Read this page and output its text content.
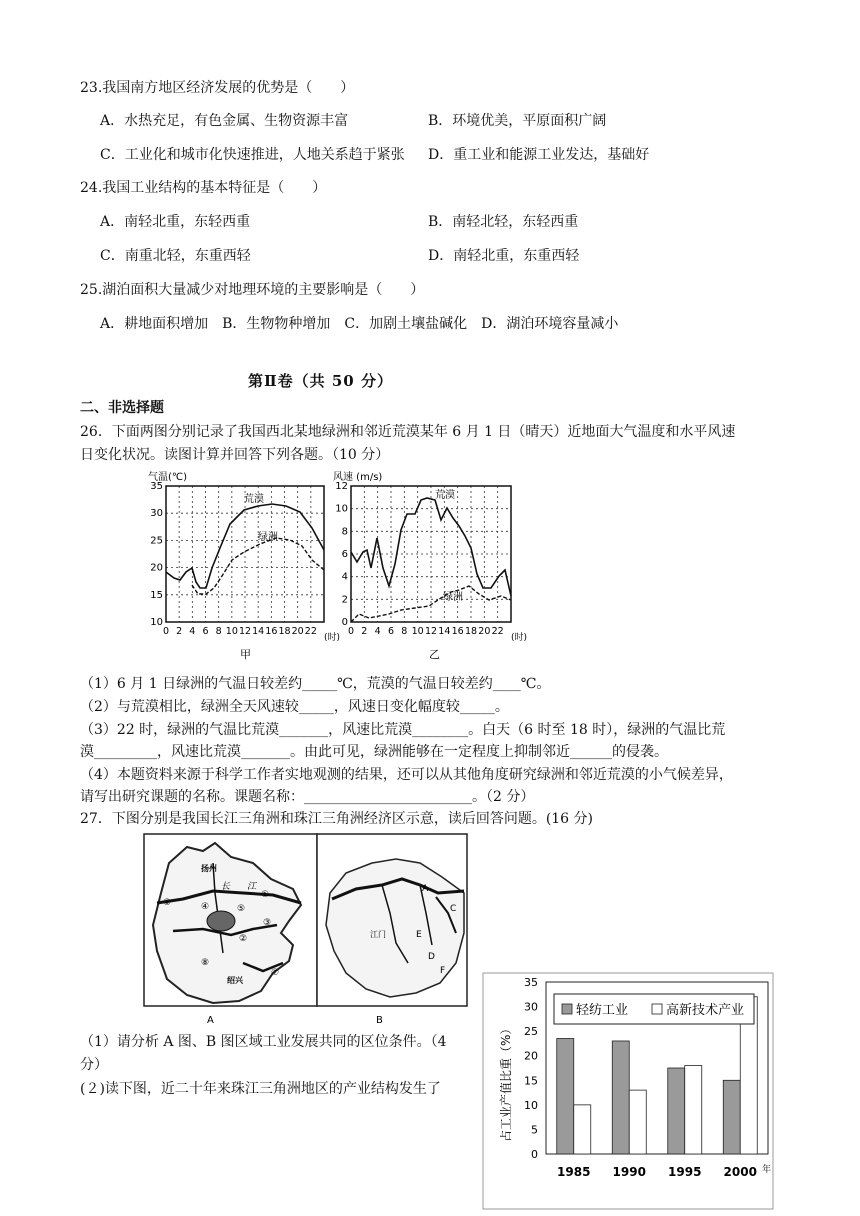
23.我国南方地区经济发展的优势是（　　）
A．水热充足，有色金属、生物资源丰富	B．环境优美，平原面积广阔
C．工业化和城市化快速推进，人地关系趋于紧张 D．重工业和能源工业发达，基础好
24.我国工业结构的基本特征是（　　）
A．南轻北重，东轻西重	B．南轻北轻，东轻西重
C．南重北轻，东重西轻	D．南轻北重，东重西轻
25.湖泊面积大量减少对地理环境的主要影响是（　　）
A．耕地面积增加　B．生物物种增加　C．加剧土壤盐碱化　D．湖泊环境容量减小
第Ⅱ卷（共 50 分）
二、非选择题
26．下面两图分别记录了我国西北某地绿洲和邻近荒漠某年 6 月 1 日（晴天）近地面大气温度和水平风速
日变化状况。读图计算并回答下列各题。（10 分）
气温(℃)
35
30
25
20
15
10
0 2 4 6 8 10 12 14 16 18 20 22
(时)
荒漠
绿洲
甲
风速 (m/s)
12
10
8
6
4
2
0
0 2 4 6 8 10 12 14 16 18 20 22
(时)
荒漠
绿洲
乙
（1）6 月 1 日绿洲的气温日较差约_____℃，荒漠的气温日较差约____℃。
（2）与荒漠相比，绿洲全天风速较_____，风速日变化幅度较_____。
（3）22 时，绿洲的气温比荒漠_______，风速比荒漠________。白天（6 时至 18 时），绿洲的气温比荒
漠_________，风速比荒漠_______。由此可见，绿洲能够在一定程度上抑制邻近______的侵袭。
（4）本题资料来源于科学工作者实地观测的结果，还可以从其他角度研究绿洲和邻近荒漠的小气候差异，
请写出研究课题的名称。课题名称：________________________。（2 分）
27．下图分别是我国长江三角洲和珠江三角洲经济区示意，读后回答问题。(16 分)
扬州
长 江
绍兴
①
②
③
④	⑤
⑥
⑦
⑧
A
A
C
E
D
F
江门
B
（1）请分析 A 图、B 图区域工业发展共同的区位条件。（4
分）
(２)读下图，近二十年来珠江三角洲地区的产业结构发生了
35
30
25
20
15
10
5
0
1985 1990 1995 2000
占工业产值比重（%）
年
轻纺工业	高新技术产业
